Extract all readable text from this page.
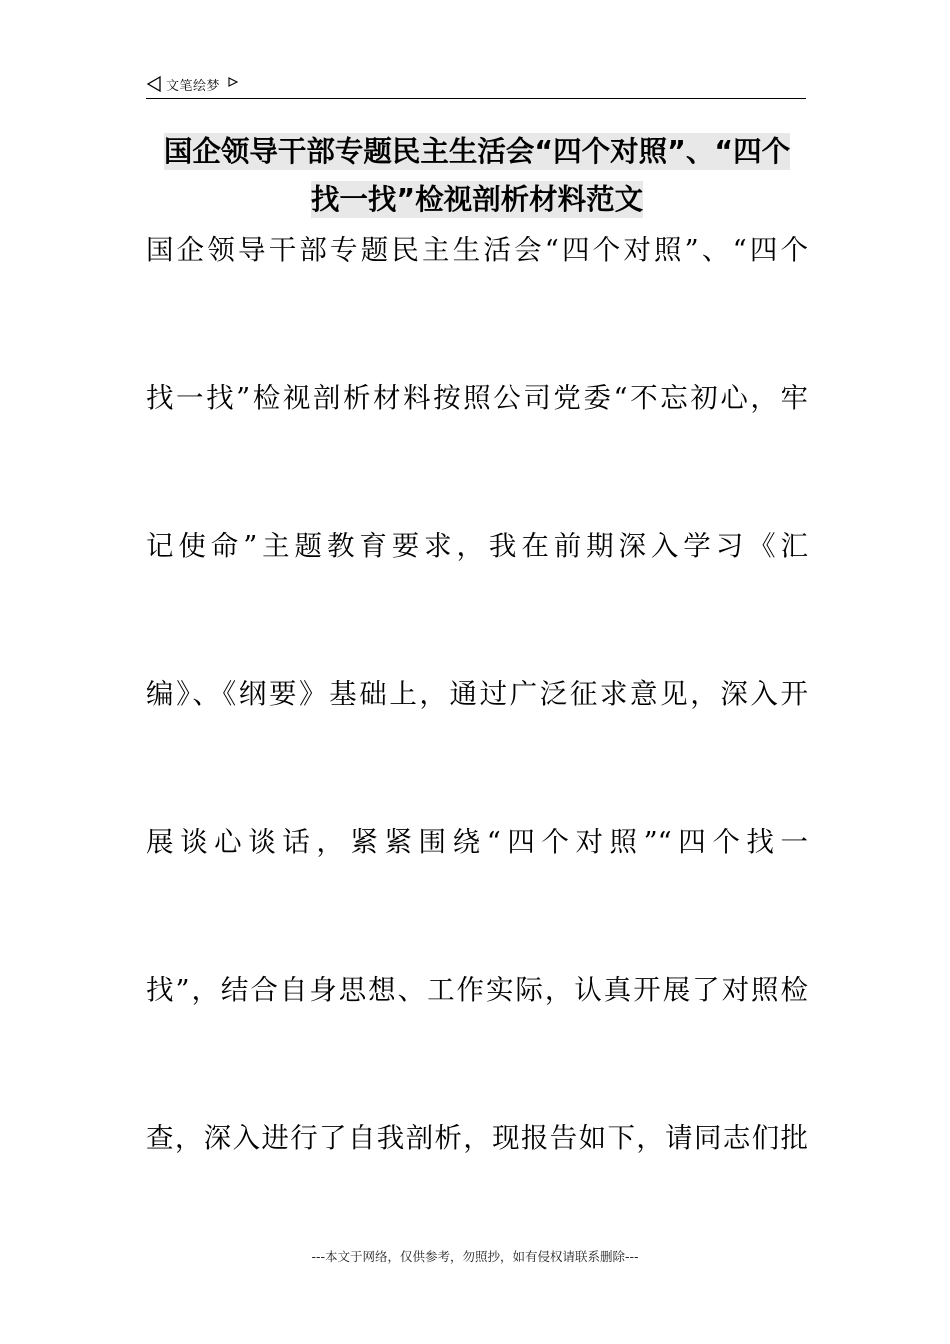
文笔绘梦
国企领导干部专题民主生活会“四个对照”、“四个
找一找”检视剖析材料范文
国企领导干部专题民主生活会“四个对照”、“四个
找一找”检视剖析材料按照公司党委“不忘初心，牢
记使命”主题教育要求，我在前期深入学习《汇
编》、《纲要》基础上，通过广泛征求意见，深入开
展谈心谈话，紧紧围绕“四个对照”“四个找一
找”，结合自身思想、工作实际，认真开展了对照检
查，深入进行了自我剖析，现报告如下，请同志们批
---本文于网络，仅供参考，勿照抄，如有侵权请联系删除---
